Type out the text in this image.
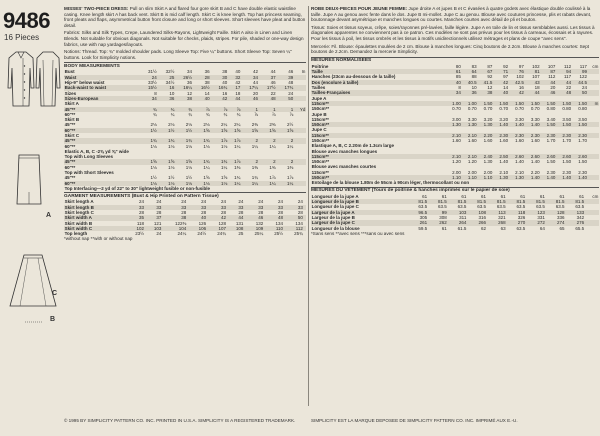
9486
16 Pieces
A
B
C
MISSES' TWO-PIECE DRESS: Pull on slim Skirt A and flared four gore skirt B and C have double elastic waistline casing. Knee length skirt A has back vent. Skirt B is mid calf length. Skirt C is knee length. Top has princess seaming, front pleats and flaps, asymmetrical button front closure and long or short sleeves. Short sleeves have pleat and button detail.
Fabrics: Silks and Silk Types, Crepe, Laundered Silks-Rayons, Lightweight Faille. Skirt A also in Linen and Linen Blends. Not suitable for obvious diagonals. Not suitable for checks, plaids, stripes. For pile, shaded or one-way design fabrics, use with nap yardages/layouts.
Notions: Thread. Top: ¾" molded shoulder pads. Long Sleeve Top: Five ¼" buttons. Short Sleeve Top: Seven ¼" buttons. Look for Simplicity notions.
BODY MEASUREMENTS
Bust	31½	32½	34	36	38	40	42	44	46	In
Waist	24	25	26½	28	30	32	34	37	39	
Hip-9" below waist	33½	34½	36	38	40	42	44	46	48	
Back-waist to waist	15½	16	16¼	16½	16¾	17	17¼	17½	17¾	
Sizes	8	10	12	14	16	18	20	22	24	
Sizes-European	34	36	38	40	42	44	46	48	50	
Skirt A										
45"**	¾	¾	¾	⅞	⅞	⅞	1	1	1	Yd
60"**	¾	¾	¾	¾	¾	¾	⅞	⅞	⅞	
Skirt B										
45"**	2⅛	2⅛	2⅛	2⅛	2¼	2¼	2⅜	2⅜	2½	
60"**	1½	1½	1½	1⅝	1⅝	1⅝	1⅝	1⅝	1⅝	
Skirt C										
45"**	1¾	1¾	1¾	1¾	1⅞	1⅞	2	2	2	
60"**	1⅛	1⅛	1⅛	1⅛	1⅛	1¼	1¼	1¼	1¼	
Elastic A, B, C -2⅝ yd ⅝" wide										
Top with Long Sleeves										
45"**	1⅝	1⅝	1⅝	1¾	1¾	1⅞	2	2	2	
60"**	1⅛	1⅛	1⅛	1¼	1¼	1⅜	1⅜	1⅜	1⅜	
Top with Short Sleeves										
45"**	1½	1½	1½	1⅝	1⅝	1¾	1¾	1⅞	1⅞	
60"**	1⅛	1⅛	1⅛	1⅛	1⅛	1¼	1¼	1¼	1¼	
Top Interfacing—2 yd of 22" to 30" lightweight fusible or non-fusible										
GARMENT MEASUREMENTS (Bust & Hip Printed on Pattern Tissue)
Skirt length A	24	24	24	24	24	24	24	24	24	
Skirt length B	33	33	33	33	33	33	33	33	33	
Skirt length C	28	28	28	28	28	28	28	28	28	
Skirt width A	35	37	38	40	42	44	46	48	50	
Skirt width B	118	121	122⅜	126	128	131	132	134	134	
Skirt width C	102	103	104	106	107	108	109	110	112	
Top length	23½	24	24¼	24½	24¾	25	25¼	25½	25¾	
*without nap **with or without nap
ROBE DEUX-PIECES POUR JEUNE FEMME: Jupe droite A et jupes B et C évasées à quatre godets avec élastique double coulissé à la taille. Jupe A au genou avec fente dans le dos. Jupe B mi-mollet. Jupe C au genou. Blouse avec coutures princesse, plis et rabats devant, boutonnage devant asymétrique et manches longues ou courtes. Manches courtes avec détail de pli et bouton.
Tissus: Soies et tissus soyeux, crêpe, soies/rayonnes pré-lavées, faille légère. Jupe A en toile de lin et tissus semblables aussi. Les tissus à diagonales apparentes ne conviennent pas à ce patron. Ces modèles ne sont pas prévus pour les tissus à carreaux, écossais et à rayures. Pour les tissus à poil, les tissus ombrés et les tissus à motifs unidirectionnels utilisez métrages et plans de coupe "avec sens".
Mercerie: Fil. Blouse: épaulettes moulées de 2 cm. Blouse à manches longues: Cinq boutons de 2.2cm. Blouse à manches courtes: Sept boutons de 2.2cm. Demandez la mercerie Simplicity.
MESURES NORMALISEES
Poitrine	80	83	87	92	97	102	107	112	117	cm
Taille	61	64	67	71	76	81	87	94	99	
Hanches (23cm au-dessous de la taille)	85	88	92	97	102	107	112	117	122	
Dos (encolure à taille)	40	40.5	41.5	42	42.5	43	44	44	44.5	
Tailles	8	10	12	14	16	18	20	22	24	
Tailles-Françaises	34	36	38	40	42	44	46	48	50	
Jupe A										
115cm**	1.00	1.00	1.50	1.50	1.50	1.50	1.50	1.50	1.50	m
150cm**	0.70	0.70	0.70	0.70	0.70	0.70	0.80	0.80	0.80	
Jupe B										
115cm**	3.00	3.30	3.20	3.20	3.30	3.30	3.40	3.50	3.50	
150cm**	1.30	1.30	1.30	1.40	1.40	1.40	1.50	1.50	1.50	
Jupe C										
115cm**	2.10	2.10	2.20	2.30	2.30	2.30	2.30	2.30	2.30	
150cm**	1.60	1.60	1.60	1.60	1.60	1.60	1.70	1.70	1.70	
Elastique A, B, C 2.20m de 1.3cm large										
Blouse avec manches longues										
115cm**	2.10	2.10	2.40	2.50	2.60	2.60	2.60	2.60	2.60	
150cm**	1.20	1.20	1.30	1.40	1.40	1.40	1.50	1.50	1.50	
Blouse avec manches courtes										
115cm**	2.00	2.00	2.00	2.10	2.10	2.20	2.30	2.30	2.30	
150cm**	1.10	1.10	1.10	1.30	1.30	1.40	1.40	1.40	1.40	
Entoilage de la blouse 1.80m de 55cm à 90cm léger, thermocollant ou non										
MESURES DU VETEMENT (Tours de poitrine & hanches imprimés sur le papier de soie)
Longueur de la jupe A	61	61	61	61	61	61	61	61	61	cm
Longueur de la jupe B	81.5	81.5	81.5	81.5	81.5	81.5	81.5	81.5	81.5	
Longueur de la jupe C	63.5	63.5	63.5	63.5	63.5	63.5	63.5	63.5	63.5	
Largeur de la jupe A	96.5	99	103	108	113	118	123	128	133	
Largeur de la jupe B	305	308	311	316	321	326	331	336	342	
Largeur de la jupe C	261	262	264	266	268	270	272	274	276	
Longueur de la blouse	59.5	61	61.5	62	63	63.5	64	65	65.5	
*Sans sens **avec sens ***sans ou avec sens
© 1995 BY SIMPLICITY PATTERN CO. INC. PRINTED IN U.S.A. SIMPLICITY IS A REGISTERED TRADEMARK.	SIMPLICITY EST LA MARQUE DEPOSEE DE SIMPLICITY PATTERN CO. INC. IMPRIMÉ AUX E.-U.
